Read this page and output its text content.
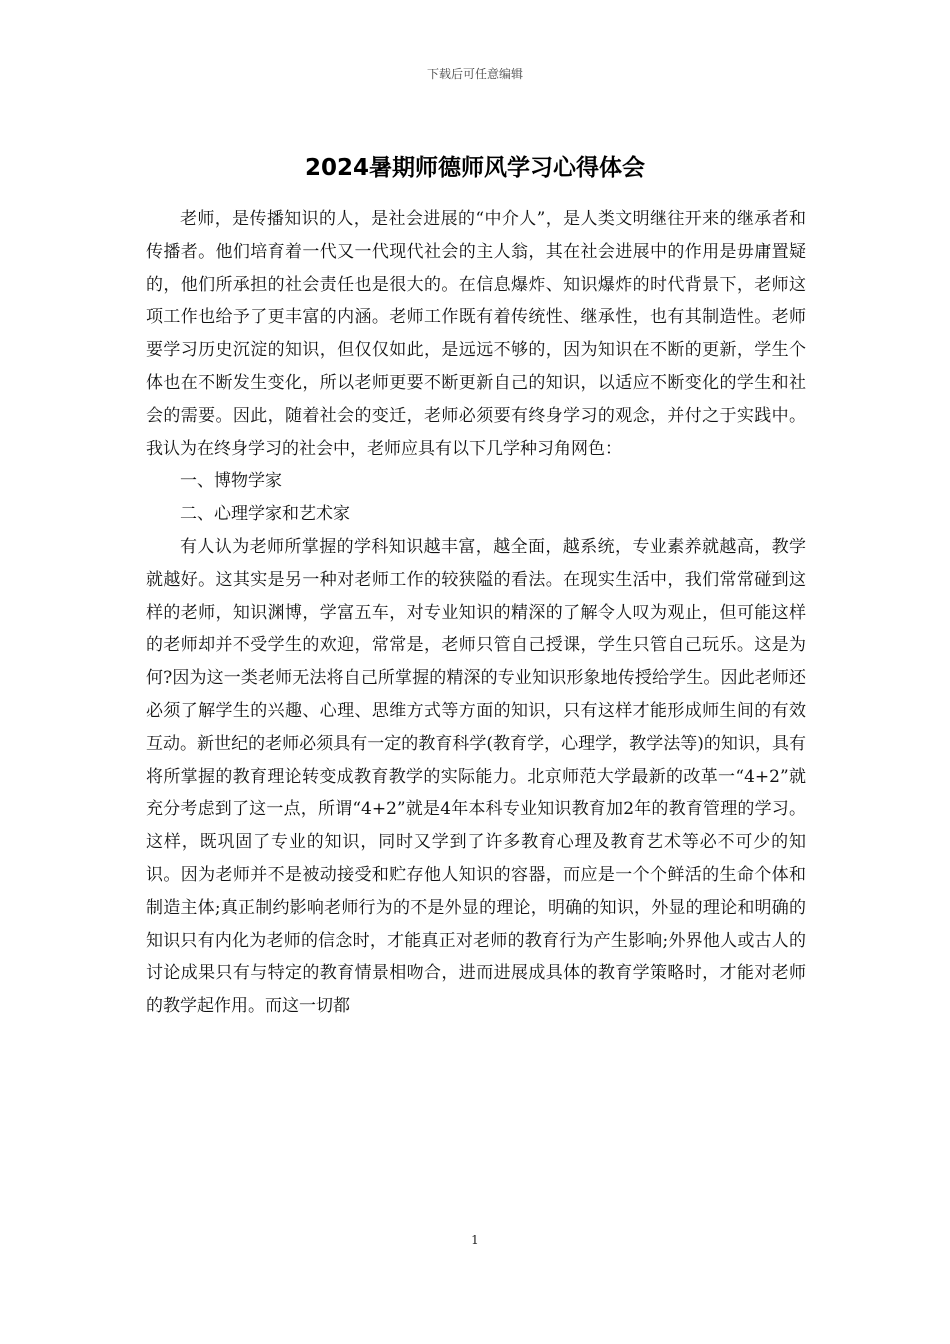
下载后可任意编辑
2024暑期师德师风学习心得体会

老师，是传播知识的人，是社会进展的“中介人”，是人类文明继往开来的继承者和传播者。他们培育着一代又一代现代社会的主人翁，其在社会进展中的作用是毋庸置疑的，他们所承担的社会责任也是很大的。在信息爆炸、知识爆炸的时代背景下，老师这项工作也给予了更丰富的内涵。老师工作既有着传统性、继承性，也有其制造性。老师要学习历史沉淀的知识，但仅仅如此，是远远不够的，因为知识在不断的更新，学生个体也在不断发生变化，所以老师更要不断更新自己的知识，以适应不断变化的学生和社会的需要。因此，随着社会的变迁，老师必须要有终身学习的观念，并付之于实践中。我认为在终身学习的社会中，老师应具有以下几学种习角网色：

一、博物学家

二、心理学家和艺术家

有人认为老师所掌握的学科知识越丰富，越全面，越系统，专业素养就越高，教学就越好。这其实是另一种对老师工作的较狭隘的看法。在现实生活中，我们常常碰到这样的老师，知识渊博，学富五车，对专业知识的精深的了解令人叹为观止，但可能这样的老师却并不受学生的欢迎，常常是，老师只管自己授课，学生只管自己玩乐。这是为何?因为这一类老师无法将自己所掌握的精深的专业知识形象地传授给学生。因此老师还必须了解学生的兴趣、心理、思维方式等方面的知识，只有这样才能形成师生间的有效互动。新世纪的老师必须具有一定的教育科学(教育学，心理学，教学法等)的知识，具有将所掌握的教育理论转变成教育教学的实际能力。北京师范大学最新的改革一“4+2”就充分考虑到了这一点，所谓“4+2”就是4年本科专业知识教育加2年的教育管理的学习。这样，既巩固了专业的知识，同时又学到了许多教育心理及教育艺术等必不可少的知识。因为老师并不是被动接受和贮存他人知识的容器，而应是一个个鲜活的生命个体和制造主体;真正制约影响老师行为的不是外显的理论，明确的知识，外显的理论和明确的知识只有内化为老师的信念时，才能真正对老师的教育行为产生影响;外界他人或古人的讨论成果只有与特定的教育情景相吻合，进而进展成具体的教育学策略时，才能对老师的教学起作用。而这一切都

1
